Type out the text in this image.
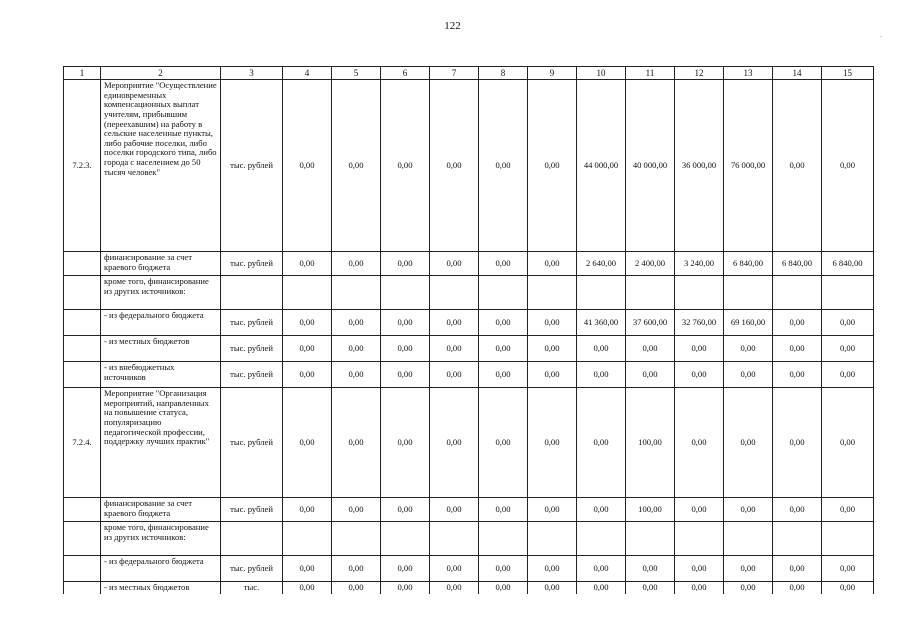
122
.
1	2	3	4	5	6	7	8	9	10	11	12	13	14	15
7.2.3.	Мероприятие "Осуществление единовременных компенсационных выплат учителям, прибывшим (переехавшим) на работу в сельские населенные пункты, либо рабочие поселки, либо поселки городского типа, либо города с населением до 50 тысяч человек"	тыс. рублей	0,00	0,00	0,00	0,00	0,00	0,00	44 000,00	40 000,00	36 000,00	76 000,00	0,00	0,00
	финансирование за счет краевого бюджета	тыс. рублей	0,00	0,00	0,00	0,00	0,00	0,00	2 640,00	2 400,00	3 240,00	6 840,00	6 840,00	6 840,00
	кроме того, финансирование из других источников:													
	- из федерального бюджета	тыс. рублей	0,00	0,00	0,00	0,00	0,00	0,00	41 360,00	37 600,00	32 760,00	69 160,00	0,00	0,00
	- из местных бюджетов	тыс. рублей	0,00	0,00	0,00	0,00	0,00	0,00	0,00	0,00	0,00	0,00	0,00	0,00
	- из внебюджетных источников	тыс. рублей	0,00	0,00	0,00	0,00	0,00	0,00	0,00	0,00	0,00	0,00	0,00	0,00
7.2.4.	Мероприятие "Организация мероприятий, направленных на повышение статуса, популяризацию педагогической профессии, поддержку лучших практик"	тыс. рублей	0,00	0,00	0,00	0,00	0,00	0,00	0,00	100,00	0,00	0,00	0,00	0,00
	финансирование за счет краевого бюджета	тыс. рублей	0,00	0,00	0,00	0,00	0,00	0,00	0,00	100,00	0,00	0,00	0,00	0,00
	кроме того, финансирование из других источников:													
	- из федерального бюджета	тыс. рублей	0,00	0,00	0,00	0,00	0,00	0,00	0,00	0,00	0,00	0,00	0,00	0,00
	- из местных бюджетов	тыс.	0,00	0,00	0,00	0,00	0,00	0,00	0,00	0,00	0,00	0,00	0,00	0,00
